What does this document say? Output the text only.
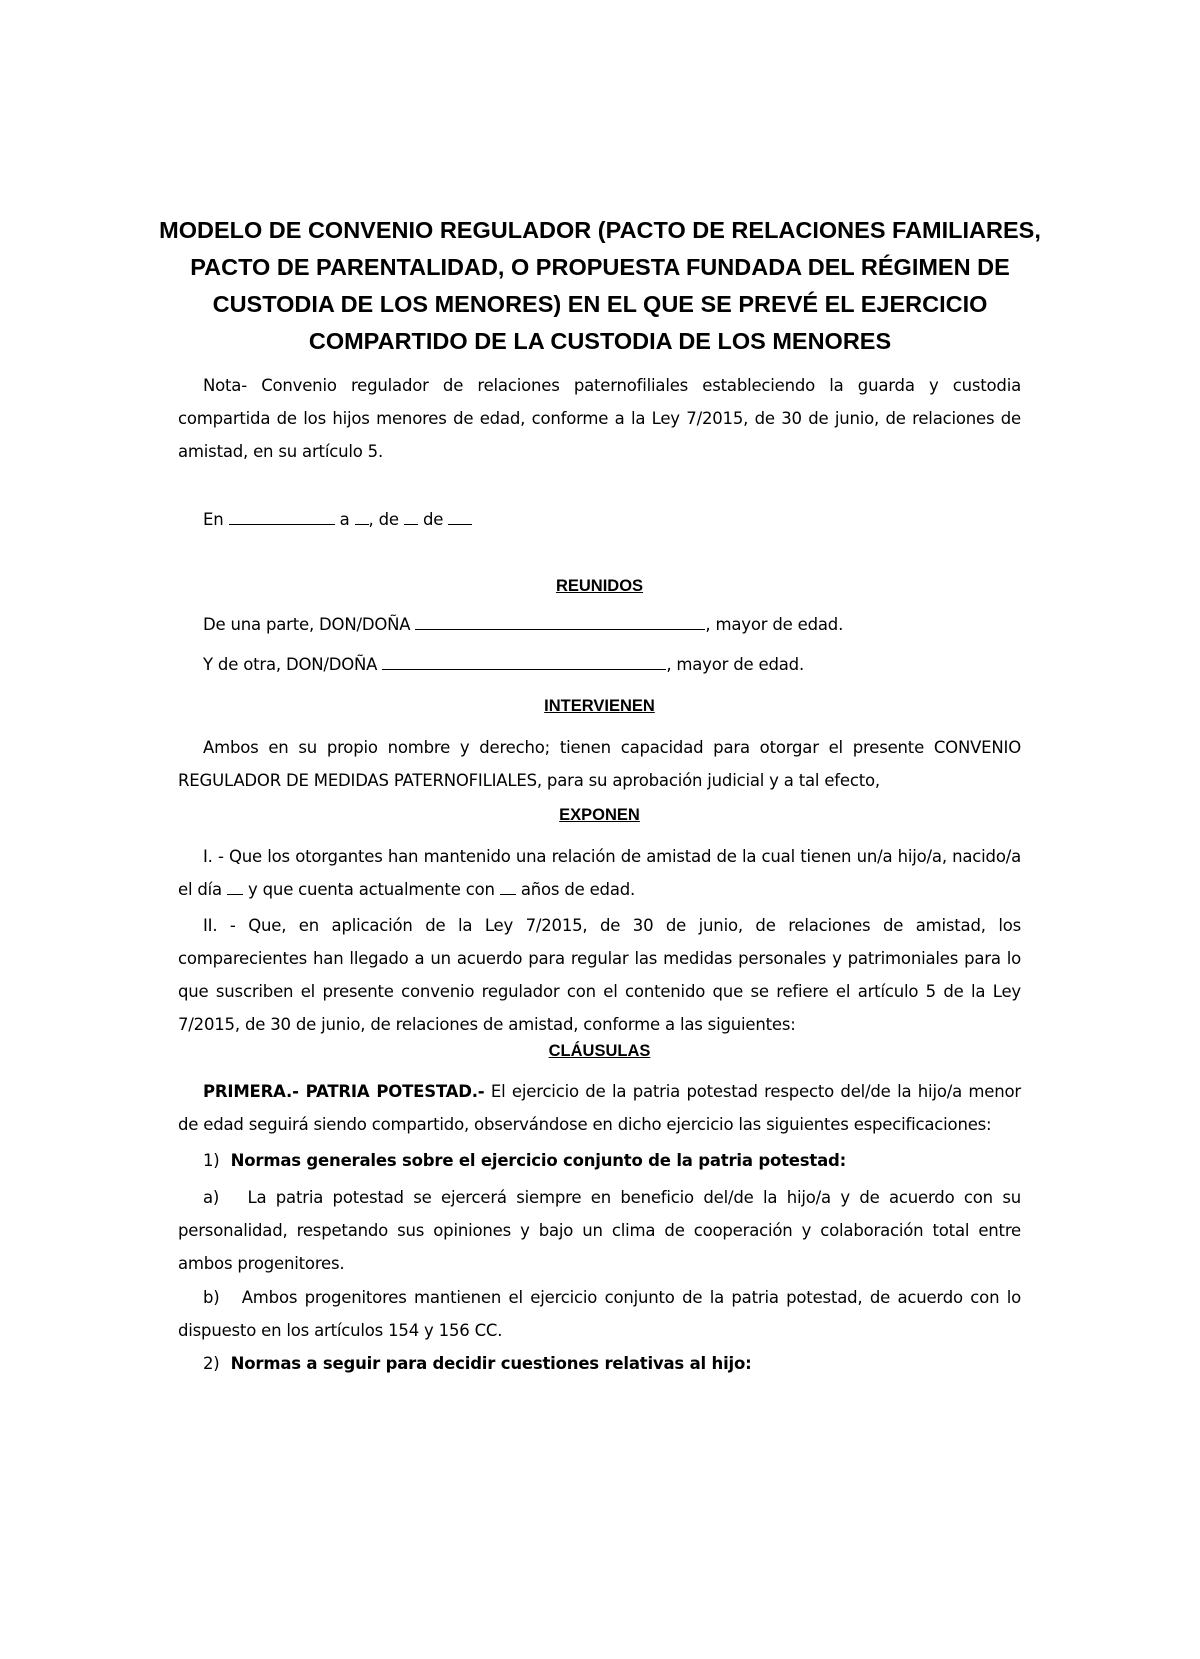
MODELO DE CONVENIO REGULADOR (PACTO DE RELACIONES FAMILIARES, PACTO DE PARENTALIDAD, O PROPUESTA FUNDADA DEL RÉGIMEN DE CUSTODIA DE LOS MENORES) EN EL QUE SE PREVÉ EL EJERCICIO COMPARTIDO DE LA CUSTODIA DE LOS MENORES

Nota- Convenio regulador de relaciones paternofiliales estableciendo la guarda y custodia compartida de los hijos menores de edad, conforme a la Ley 7/2015, de 30 de junio, de relaciones de amistad, en su artículo 5.

En	a , de de
REUNIDOS
De una parte, DON/DOÑA	, mayor de edad.
Y de otra, DON/DOÑA	, mayor de edad.
INTERVIENEN

Ambos en su propio nombre y derecho; tienen capacidad para otorgar el presente CONVENIO REGULADOR DE MEDIDAS PATERNOFILIALES, para su aprobación judicial y a tal efecto,

EXPONEN

I. - Que los otorgantes han mantenido una relación de amistad de la cual tienen un/a hijo/a, nacido/a el día y que cuenta actualmente con años de edad.

II. - Que, en aplicación de la Ley 7/2015, de 30 de junio, de relaciones de amistad, los comparecientes han llegado a un acuerdo para regular las medidas personales y patrimoniales para lo que suscriben el presente convenio regulador con el contenido que se refiere el artículo 5 de la Ley 7/2015, de 30 de junio, de relaciones de amistad, conforme a las siguientes:

CLÁUSULAS

PRIMERA.- PATRIA POTESTAD.- El ejercicio de la patria potestad respecto del/de la hijo/a menor de edad seguirá siendo compartido, observándose en dicho ejercicio las siguientes especificaciones:

1) Normas generales sobre el ejercicio conjunto de la patria potestad:

a) La patria potestad se ejercerá siempre en beneficio del/de la hijo/a y de acuerdo con su personalidad, respetando sus opiniones y bajo un clima de cooperación y colaboración total entre ambos progenitores.

b) Ambos progenitores mantienen el ejercicio conjunto de la patria potestad, de acuerdo con lo dispuesto en los artículos 154 y 156 CC.

2) Normas a seguir para decidir cuestiones relativas al hijo:
